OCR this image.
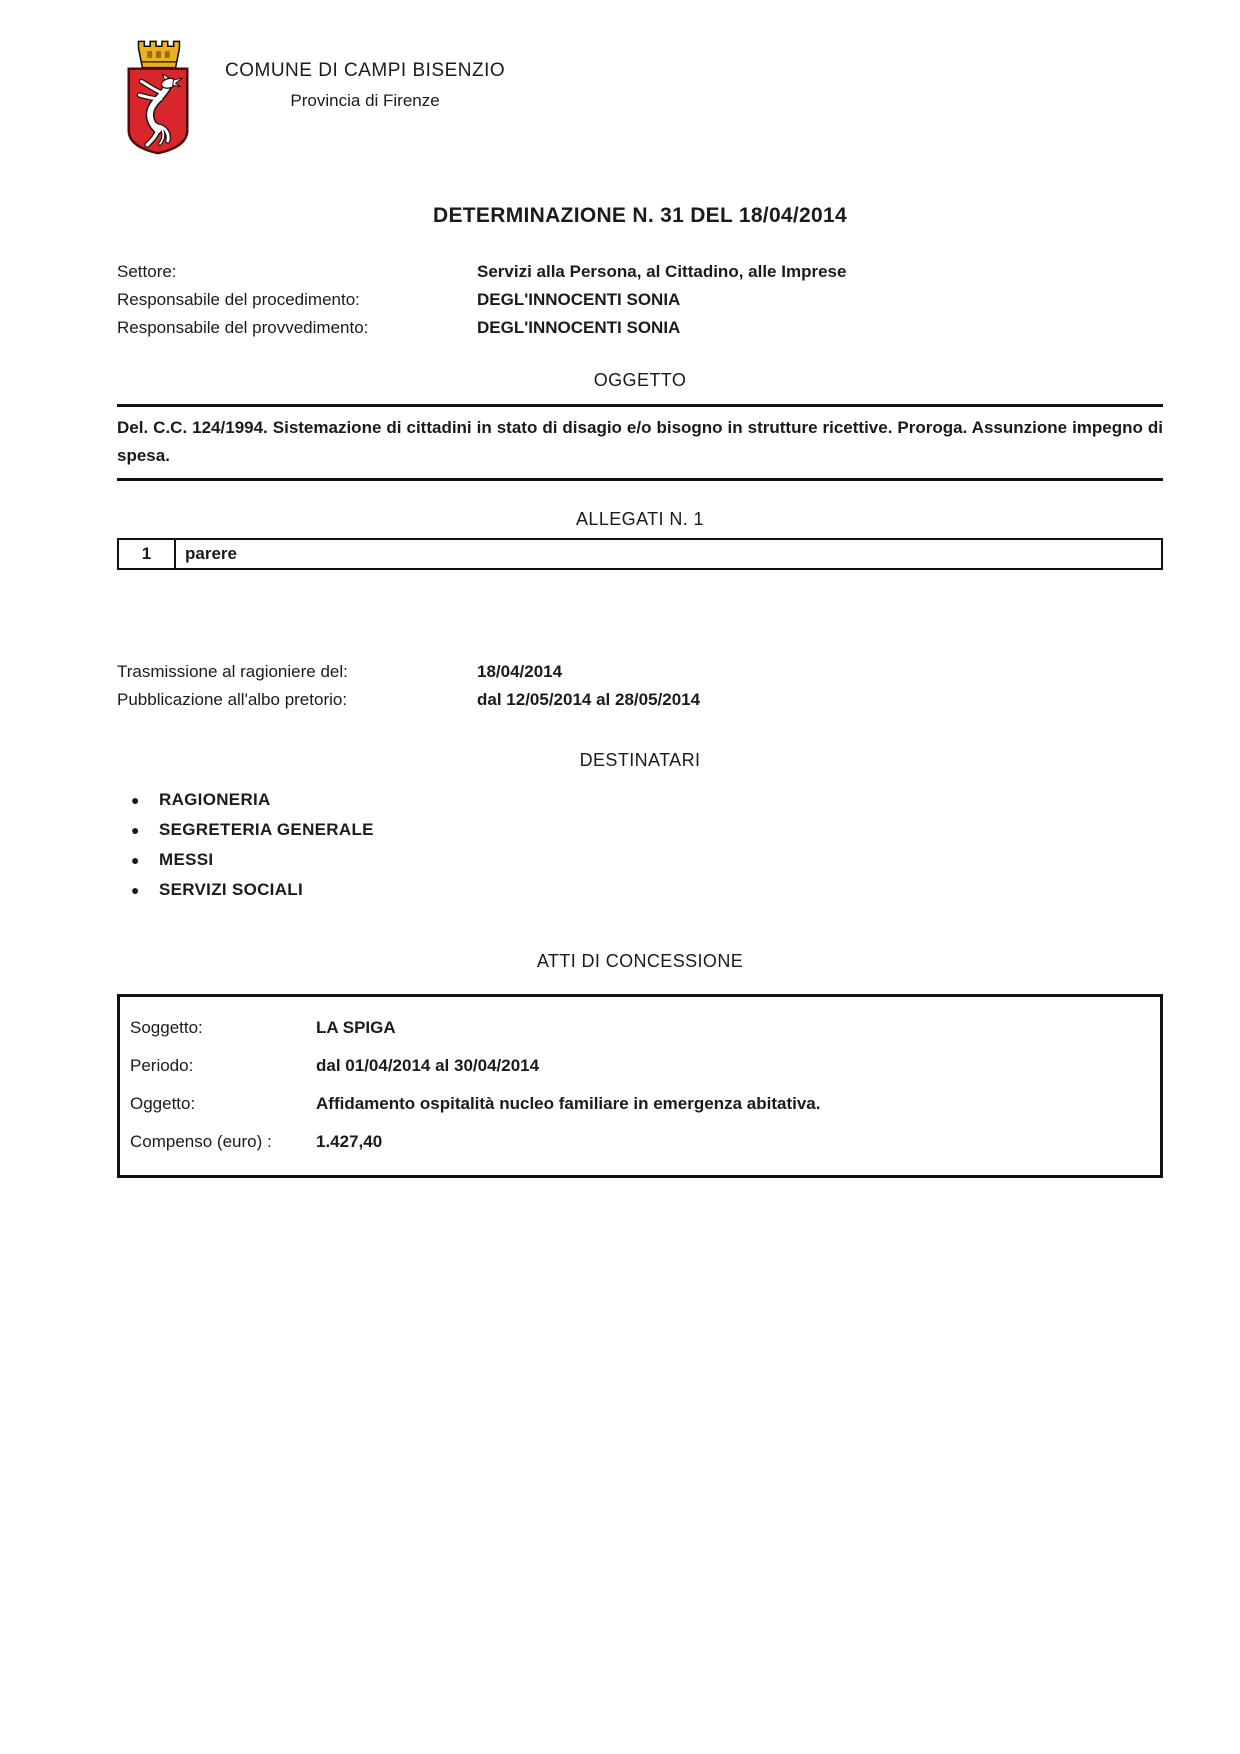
COMUNE DI CAMPI BISENZIO
Provincia di Firenze
DETERMINAZIONE N. 31 DEL 18/04/2014
Settore:	Servizi alla Persona, al Cittadino, alle Imprese
Responsabile del procedimento:	DEGL'INNOCENTI SONIA
Responsabile del provvedimento:	DEGL'INNOCENTI SONIA
OGGETTO

Del. C.C. 124/1994. Sistemazione di cittadini in stato di disagio e/o bisogno in strutture ricettive. Proroga. Assunzione impegno di spesa.

ALLEGATI N. 1
1	parere
Trasmissione al ragioniere del:	18/04/2014
Pubblicazione all'albo pretorio:	dal 12/05/2014 al 28/05/2014
DESTINATARI
●	RAGIONERIA
●	SEGRETERIA GENERALE
●	MESSI
●	SERVIZI SOCIALI
ATTI DI CONCESSIONE
Soggetto:	LA SPIGA
Periodo:	dal 01/04/2014 al 30/04/2014
Oggetto:	Affidamento ospitalità nucleo familiare in emergenza abitativa.
Compenso (euro) :	1.427,40
